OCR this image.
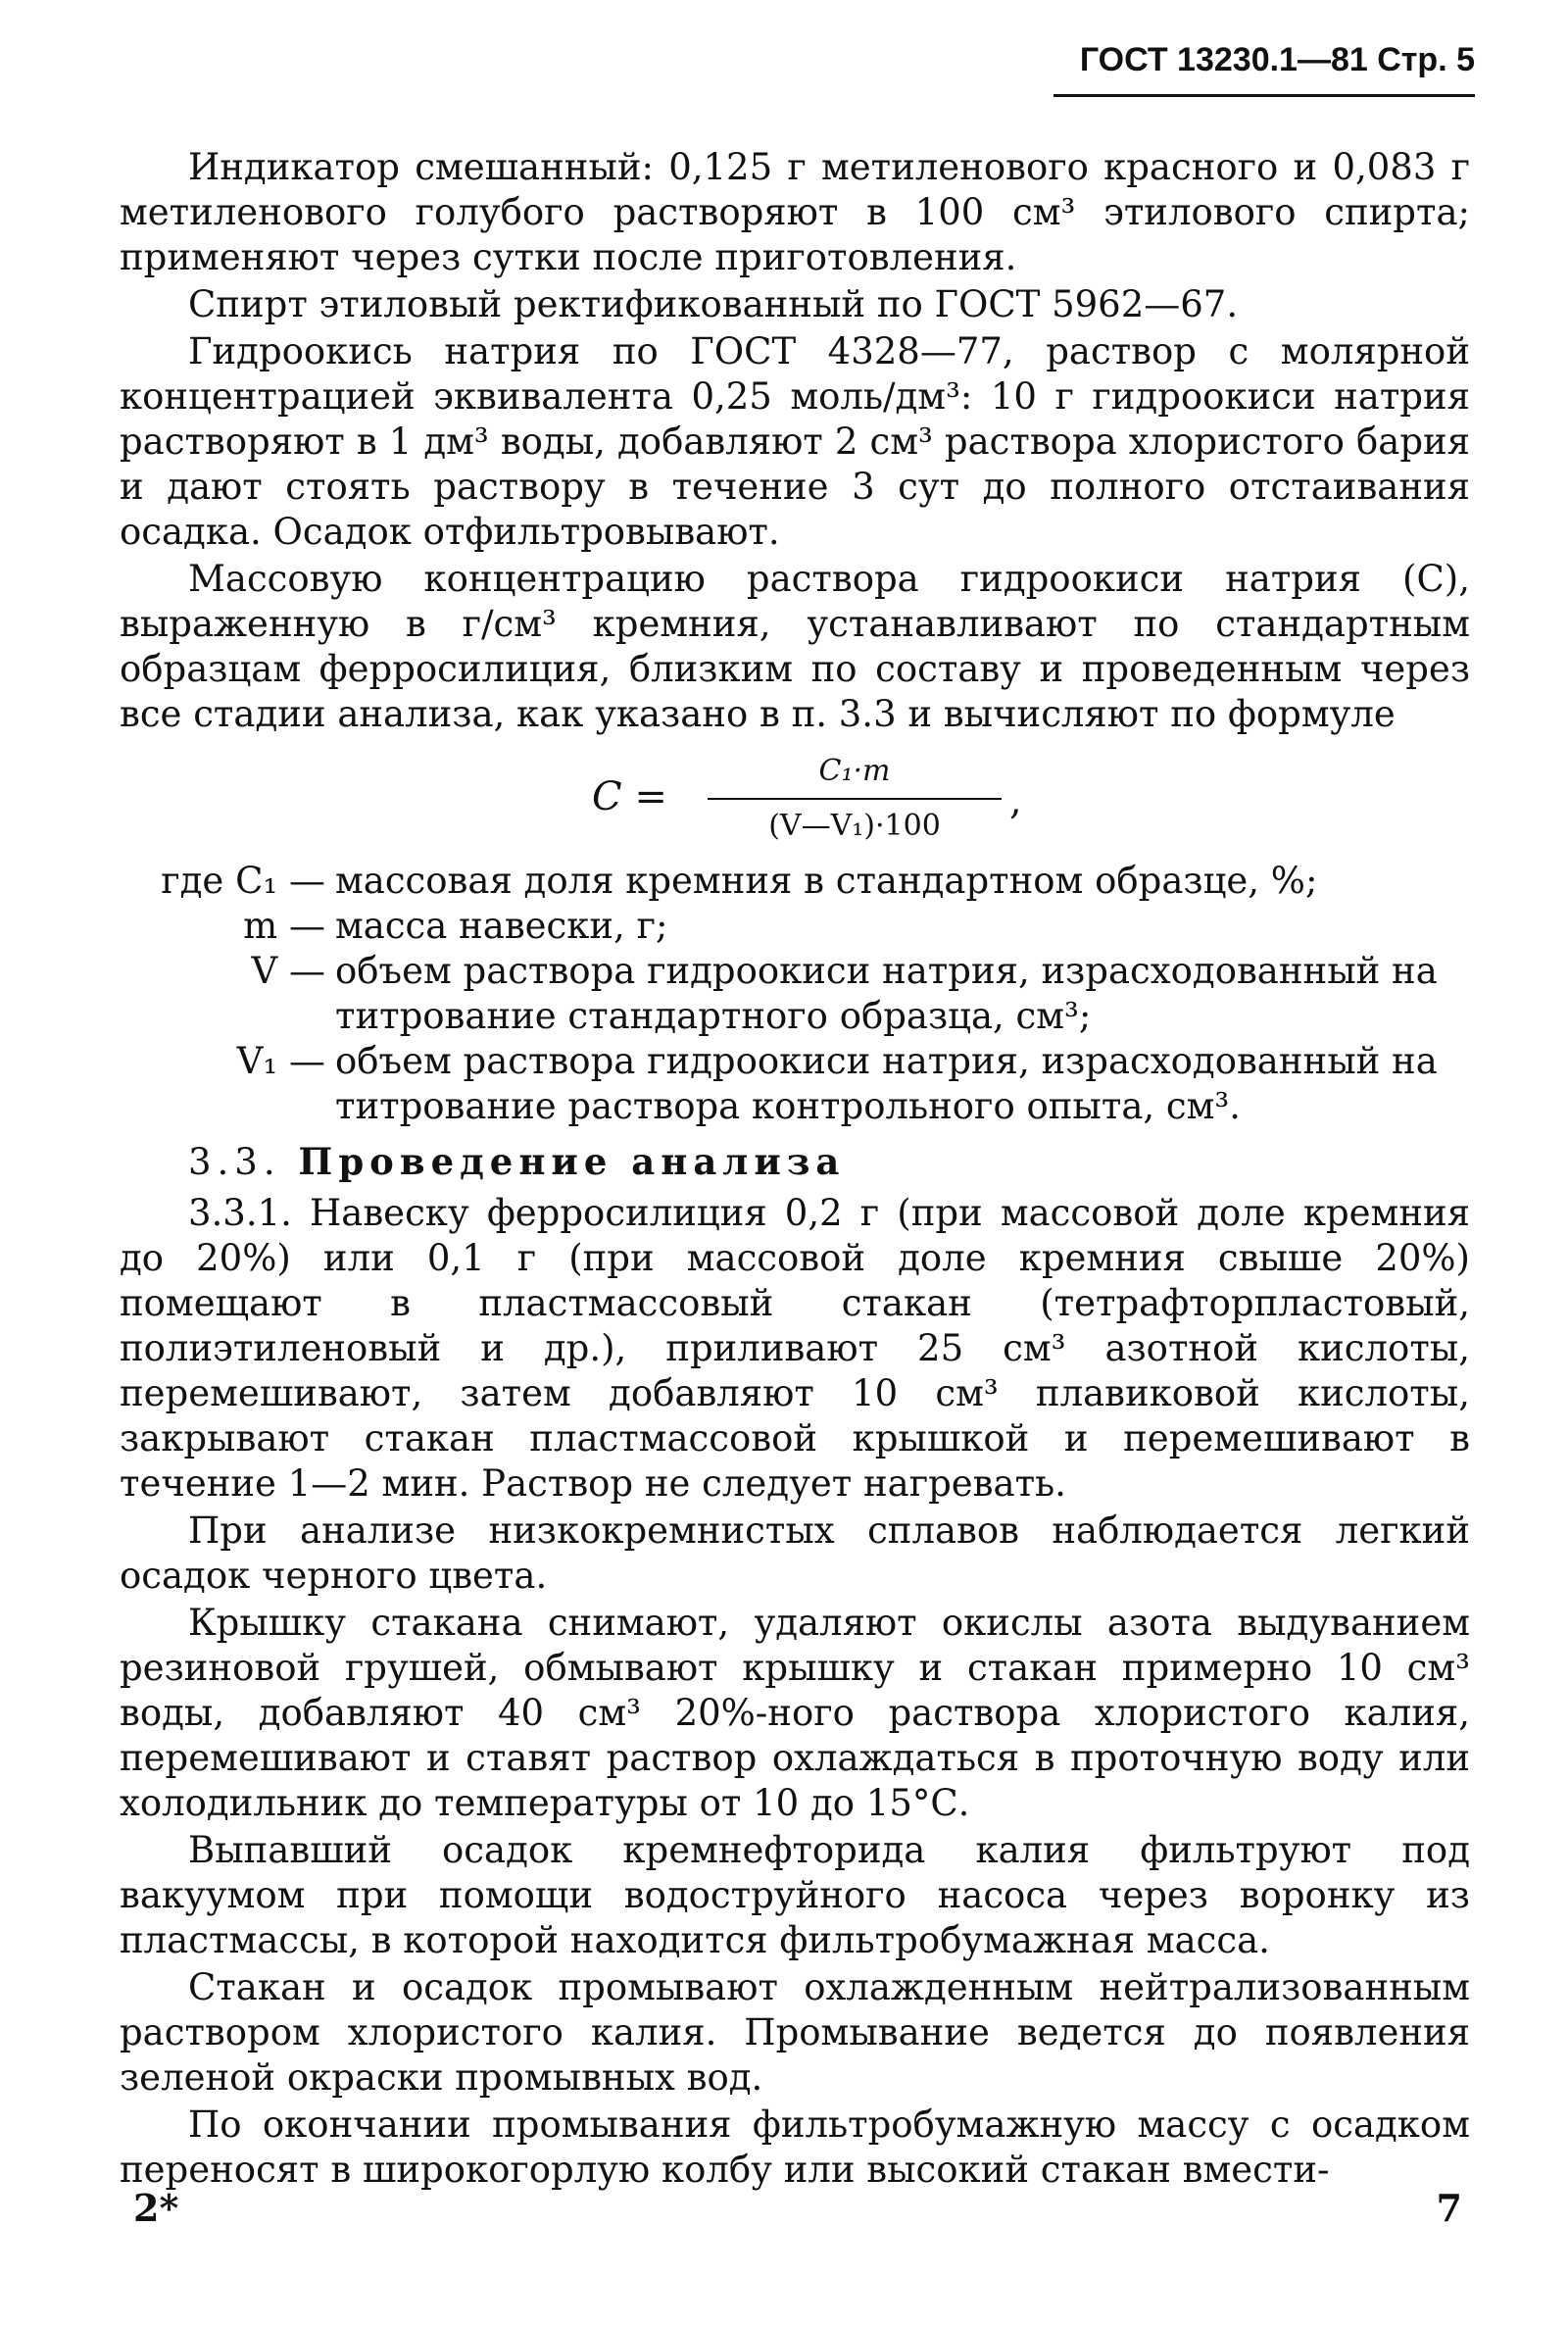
ГОСТ 13230.1—81 Стр. 5

Индикатор смешанный: 0,125 г метиленового красного и 0,083 г метиленового голубого растворяют в 100 см³ этилового спирта; применяют через сутки после приготовления.

Спирт этиловый ректификованный по ГОСТ 5962—67.

Гидроокись натрия по ГОСТ 4328—77, раствор с молярной концентрацией эквивалента 0,25 моль/дм³: 10 г гидроокиси натрия растворяют в 1 дм³ воды, добавляют 2 см³ раствора хлористого бария и дают стоять раствору в течение 3 сут до полного отстаивания осадка. Осадок отфильтровывают.

Массовую концентрацию раствора гидроокиси натрия (С), выраженную в г/см³ кремния, устанавливают по стандартным образцам ферросилиция, близким по составу и проведенным через все стадии анализа, как указано в п. 3.3 и вычисляют по формуле

C =
C₁·m
(V—V₁)·100
,
где C₁ — массовая доля кремния в стандартном образце, %;
m — масса навески, г;
V — объем раствора гидроокиси натрия, израсходованный на титрование стандартного образца, см³;
V₁ — объем раствора гидроокиси натрия, израсходованный на титрование раствора контрольного опыта, см³.
3.3. Проведение анализа

3.3.1. Навеску ферросилиция 0,2 г (при массовой доле кремния до 20%) или 0,1 г (при массовой доле кремния свыше 20%) помещают в пластмассовый стакан (тетрафторпластовый, полиэтиленовый и др.), приливают 25 см³ азотной кислоты, перемешивают, затем добавляют 10 см³ плавиковой кислоты, закрывают стакан пластмассовой крышкой и перемешивают в течение 1—2 мин. Раствор не следует нагревать.

При анализе низкокремнистых сплавов наблюдается легкий осадок черного цвета.

Крышку стакана снимают, удаляют окислы азота выдуванием резиновой грушей, обмывают крышку и стакан примерно 10 см³ воды, добавляют 40 см³ 20%-ного раствора хлористого калия, перемешивают и ставят раствор охлаждаться в проточную воду или холодильник до температуры от 10 до 15°С.

Выпавший осадок кремнефторида калия фильтруют под вакуумом при помощи водоструйного насоса через воронку из пластмассы, в которой находится фильтробумажная масса.

Стакан и осадок промывают охлажденным нейтрализованным раствором хлористого калия. Промывание ведется до появления зеленой окраски промывных вод.

По окончании промывания фильтробумажную массу с осадком переносят в широкогорлую колбу или высокий стакан вмести-

2*	7
